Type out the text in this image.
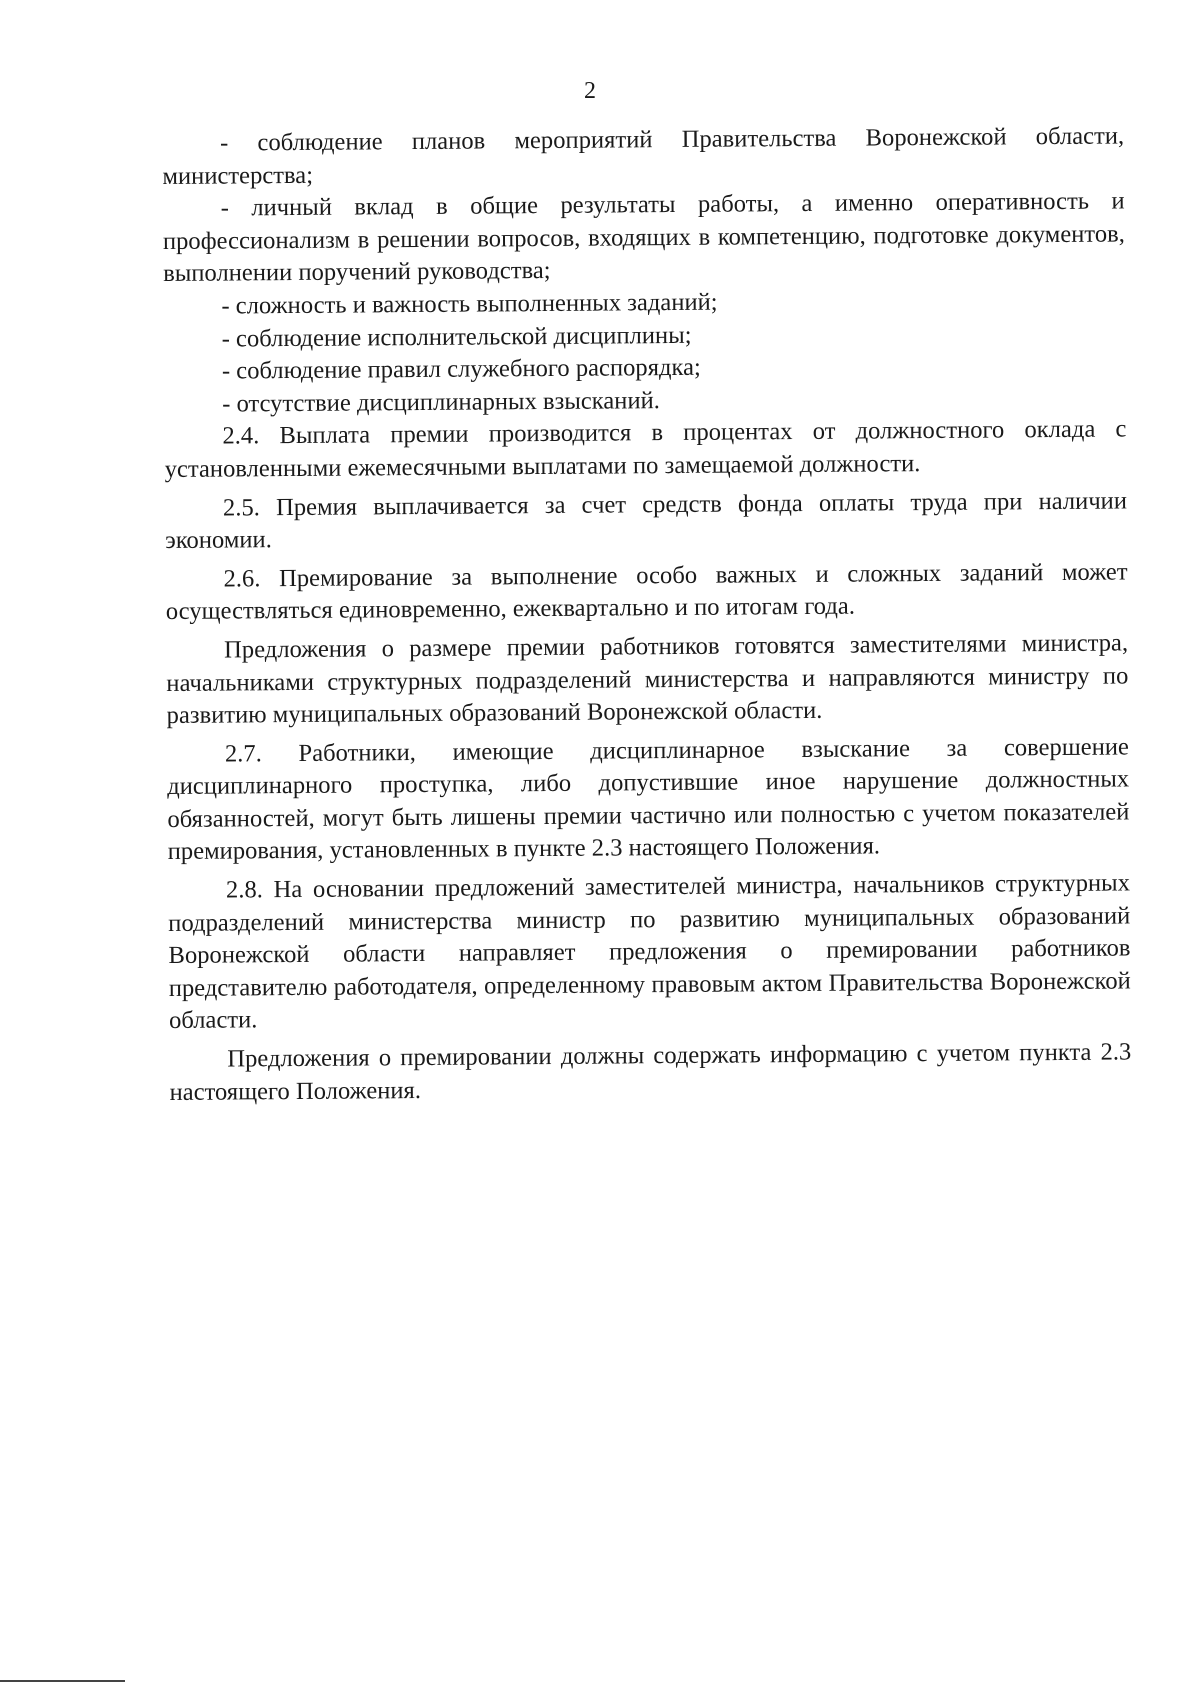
2

- соблюдение планов мероприятий Правительства Воронежской области, министерства;

- личный вклад в общие результаты работы, а именно оперативность и профессионализм в решении вопросов, входящих в компетенцию, подготовке документов, выполнении поручений руководства;

- сложность и важность выполненных заданий;

- соблюдение исполнительской дисциплины;

- соблюдение правил служебного распорядка;

- отсутствие дисциплинарных взысканий.

2.4. Выплата премии производится в процентах от должностного оклада с установленными ежемесячными выплатами по замещаемой должности.

2.5. Премия выплачивается за счет средств фонда оплаты труда при наличии экономии.

2.6. Премирование за выполнение особо важных и сложных заданий может осуществляться единовременно, ежеквартально и по итогам года.

Предложения о размере премии работников готовятся заместителями министра, начальниками структурных подразделений министерства и направляются министру по развитию муниципальных образований Воронежской области.

2.7. Работники, имеющие дисциплинарное взыскание за совершение дисциплинарного проступка, либо допустившие иное нарушение должностных обязанностей, могут быть лишены премии частично или полностью с учетом показателей премирования, установленных в пункте 2.3 настоящего Положения.

2.8. На основании предложений заместителей министра, начальников структурных подразделений министерства министр по развитию муниципальных образований Воронежской области направляет предложения о премировании работников представителю работодателя, определенному правовым актом Правительства Воронежской области.

Предложения о премировании должны содержать информацию с учетом пункта 2.3 настоящего Положения.
